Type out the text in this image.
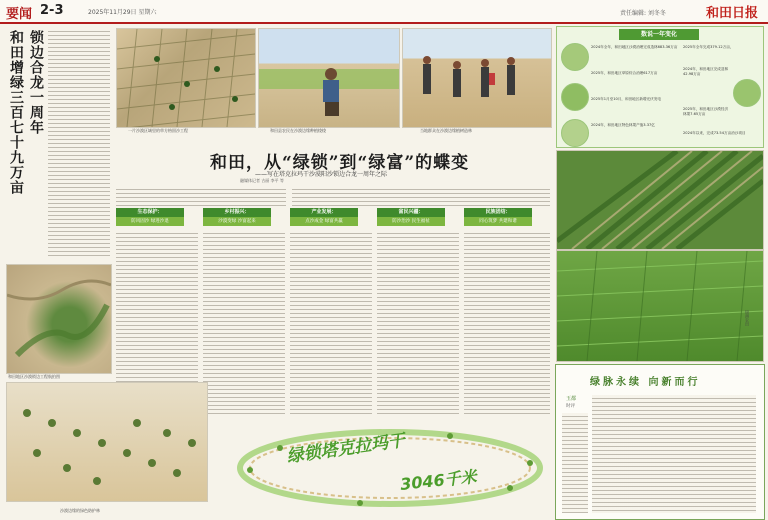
要闻 2-3	2025年11月29日 星期六	责任编辑: 刘冬冬	和田日报
锁边合龙一周年
和田增绿三百七十九万亩	一片沙漠区域里的草方格固沙工程	和田县农民在沙漠边缘种植梭梭	当地群众在沙漠边缘植树造林
和田，从“绿锁”到“绿富”的蝶变
——写在塔克拉玛干沙漠阳沙锁边合龙一周年之际
融媒体记者 古丽 李平 等
生态保护：
防风固沙 绿进沙退
乡村振兴：
沙漠变绿 沙富起来
产业发展：
点沙成金 绿富共赢
富民兴疆：
防沙治沙 民生福祉
民族团结：
同心筑梦 共建和谐
和田地区沙漠锁边工程航拍图
沙漠边缘的绿色防护林
数说一年变化
2024年全年，和田地区沙漠治理完成造林683.36万亩	2025年全年完成379.12万亩，
2025年，和田地区草原综合治理617万亩
2024年，和田地区完成造林42.98万亩
2025年1月至10月，和田地区新增光伏发电
2025年，和田地区沙漠经济林果7.65万亩
2024年，和田地区特色林果产值3.37亿
2024年以来，完成73.54万亩治沙项目
绿洲农田
绿脉永续 向新而行
玉都
时评
绿锁塔克拉玛干
3046千米
